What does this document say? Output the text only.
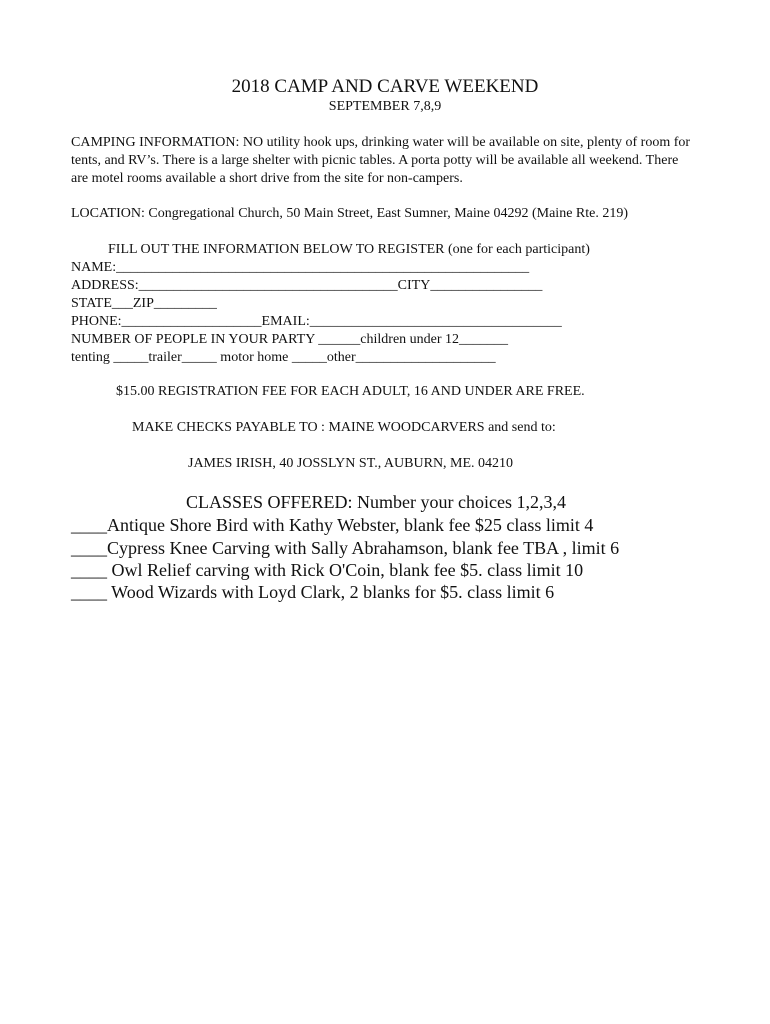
2018 CAMP AND CARVE WEEKEND
SEPTEMBER 7,8,9
CAMPING INFORMATION: NO utility hook ups, drinking water will be available on site, plenty of room for tents, and RV’s. There is a large shelter with picnic tables. A porta potty will be available all weekend. There are motel rooms available a short drive from the site for non-campers.
LOCATION: Congregational Church, 50 Main Street, East Sumner, Maine 04292 (Maine Rte. 219)
FILL OUT THE INFORMATION BELOW TO REGISTER (one for each participant)
NAME:___________________________________________________________
ADDRESS:_____________________________________CITY________________
STATE___ZIP_________
PHONE:____________________EMAIL:____________________________________
NUMBER OF PEOPLE IN YOUR PARTY ______children under 12_______
tenting _____trailer_____ motor home _____other____________________
$15.00 REGISTRATION FEE FOR EACH ADULT, 16 AND UNDER ARE FREE.
MAKE CHECKS PAYABLE TO : MAINE WOODCARVERS and send to:
JAMES IRISH, 40 JOSSLYN ST., AUBURN, ME. 04210
CLASSES OFFERED: Number your choices 1,2,3,4
____Antique Shore Bird with Kathy Webster, blank fee $25 class limit 4
____Cypress Knee Carving with Sally Abrahamson, blank fee TBA , limit 6
____ Owl Relief carving with Rick O'Coin, blank fee $5. class limit 10
____ Wood Wizards with Loyd Clark, 2 blanks for $5. class limit 6
